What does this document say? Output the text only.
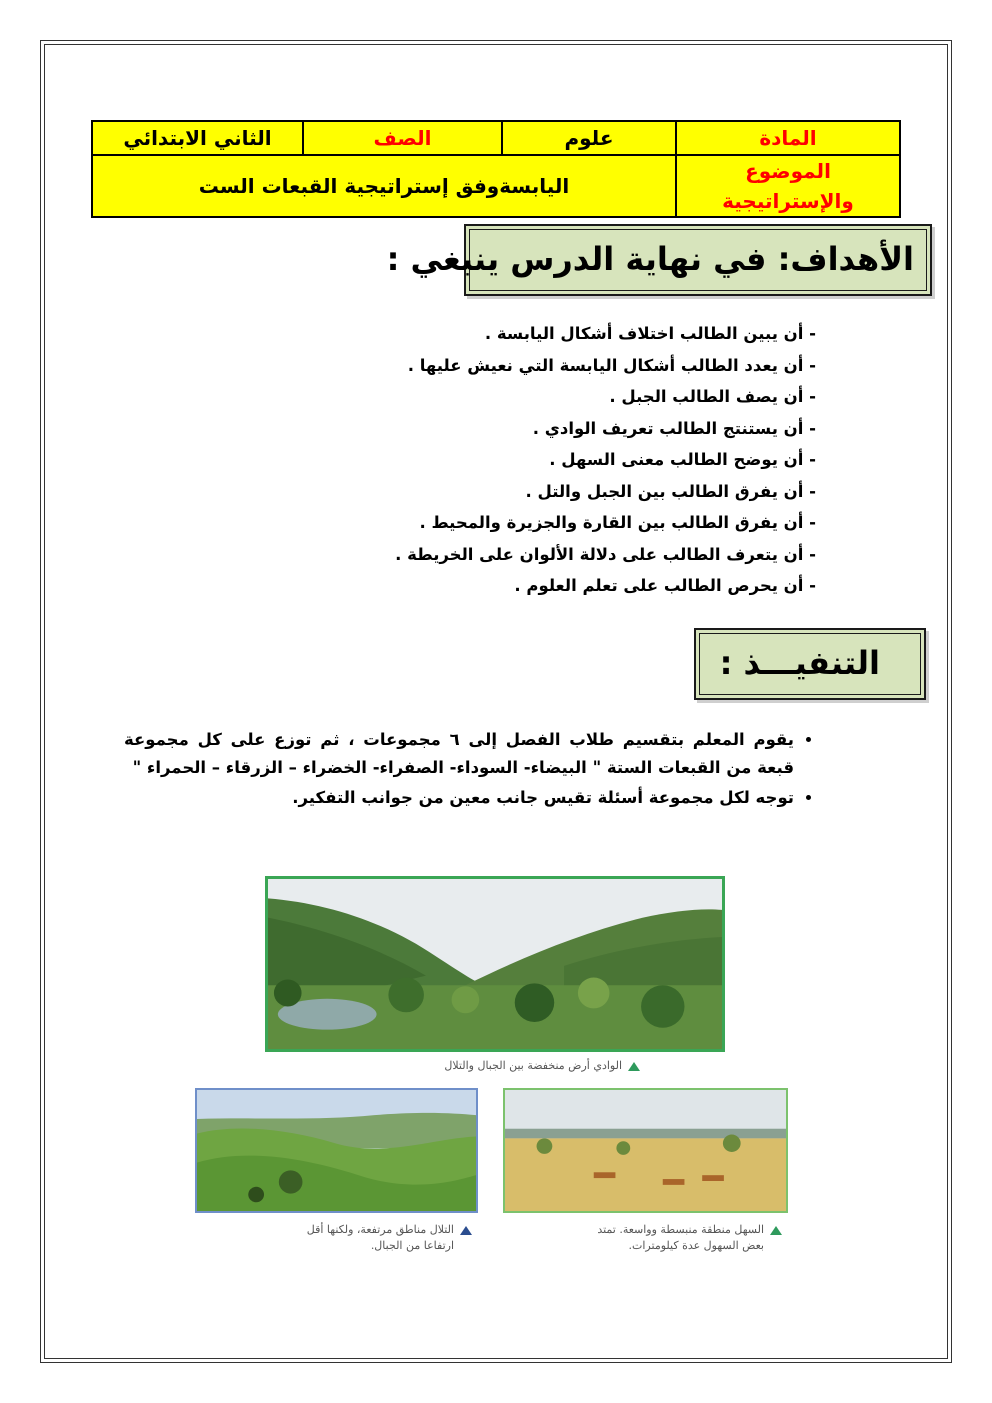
المادة	علوم	الصف	الثاني الابتدائي
الموضوع والإستراتيجية	اليابسةوفق إستراتيجية القبعات الست		
الأهداف: في نهاية الدرس ينبغي :
- أن يبين الطالب اختلاف أشكال اليابسة .
- أن يعدد الطالب أشكال اليابسة التي نعيش عليها .
- أن يصف الطالب الجبل .
- أن يستنتج الطالب تعريف الوادي .
- أن يوضح الطالب معنى السهل .
- أن يفرق الطالب بين الجبل والتل .
- أن يفرق الطالب بين القارة والجزيرة والمحيط .
- أن يتعرف الطالب على دلالة الألوان على الخريطة .
- أن يحرص الطالب على تعلم العلوم .
التنفيـــذ :
• يقوم المعلم بتقسيم طلاب الفصل إلى ٦ مجموعات ، ثم توزع على كل مجموعة قبعة من القبعات الستة " البيضاء- السوداء- الصفراء- الخضراء – الزرقاء – الحمراء "
• توجه لكل مجموعة أسئلة تقيس جانب معين من جوانب التفكير.
الوادي أرض منخفضة بين الجبال والتلال
التلال مناطق مرتفعة، ولكنها أقل
ارتفاعا من الجبال.
السهل منطقة منبسطة وواسعة. تمتد
بعض السهول عدة كيلومترات.
